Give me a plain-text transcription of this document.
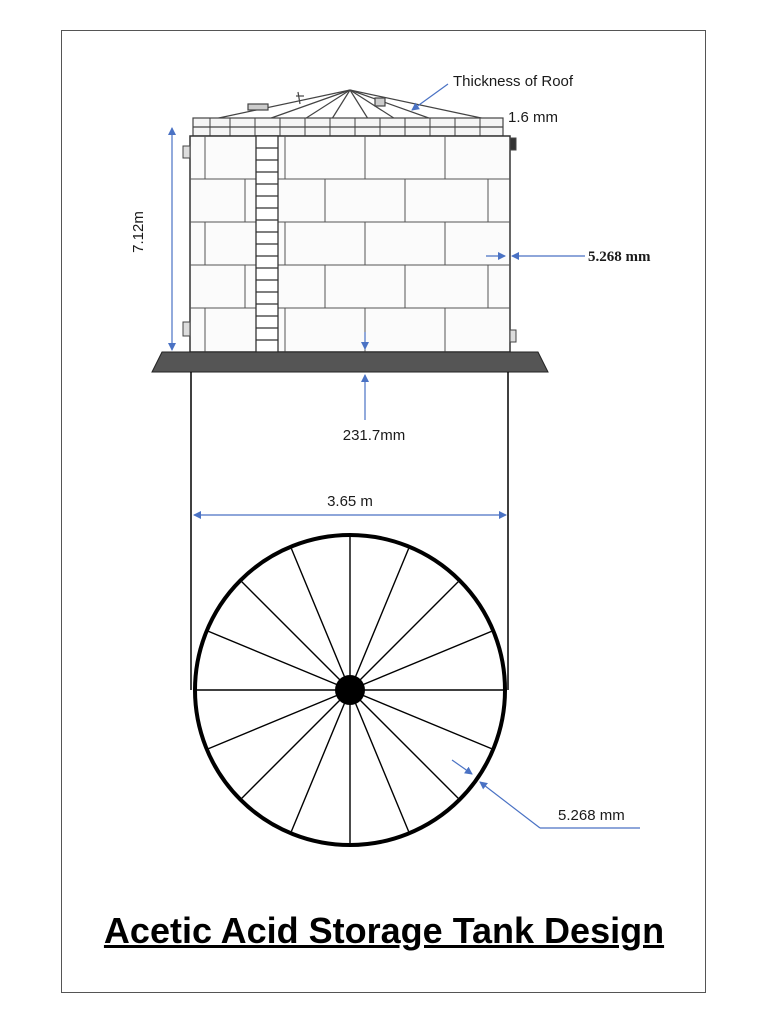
Thickness of Roof
1.6 mm
7.12m
5.268 mm
231.7mm
3.65 m
5.268 mm
Acetic Acid Storage Tank Design
